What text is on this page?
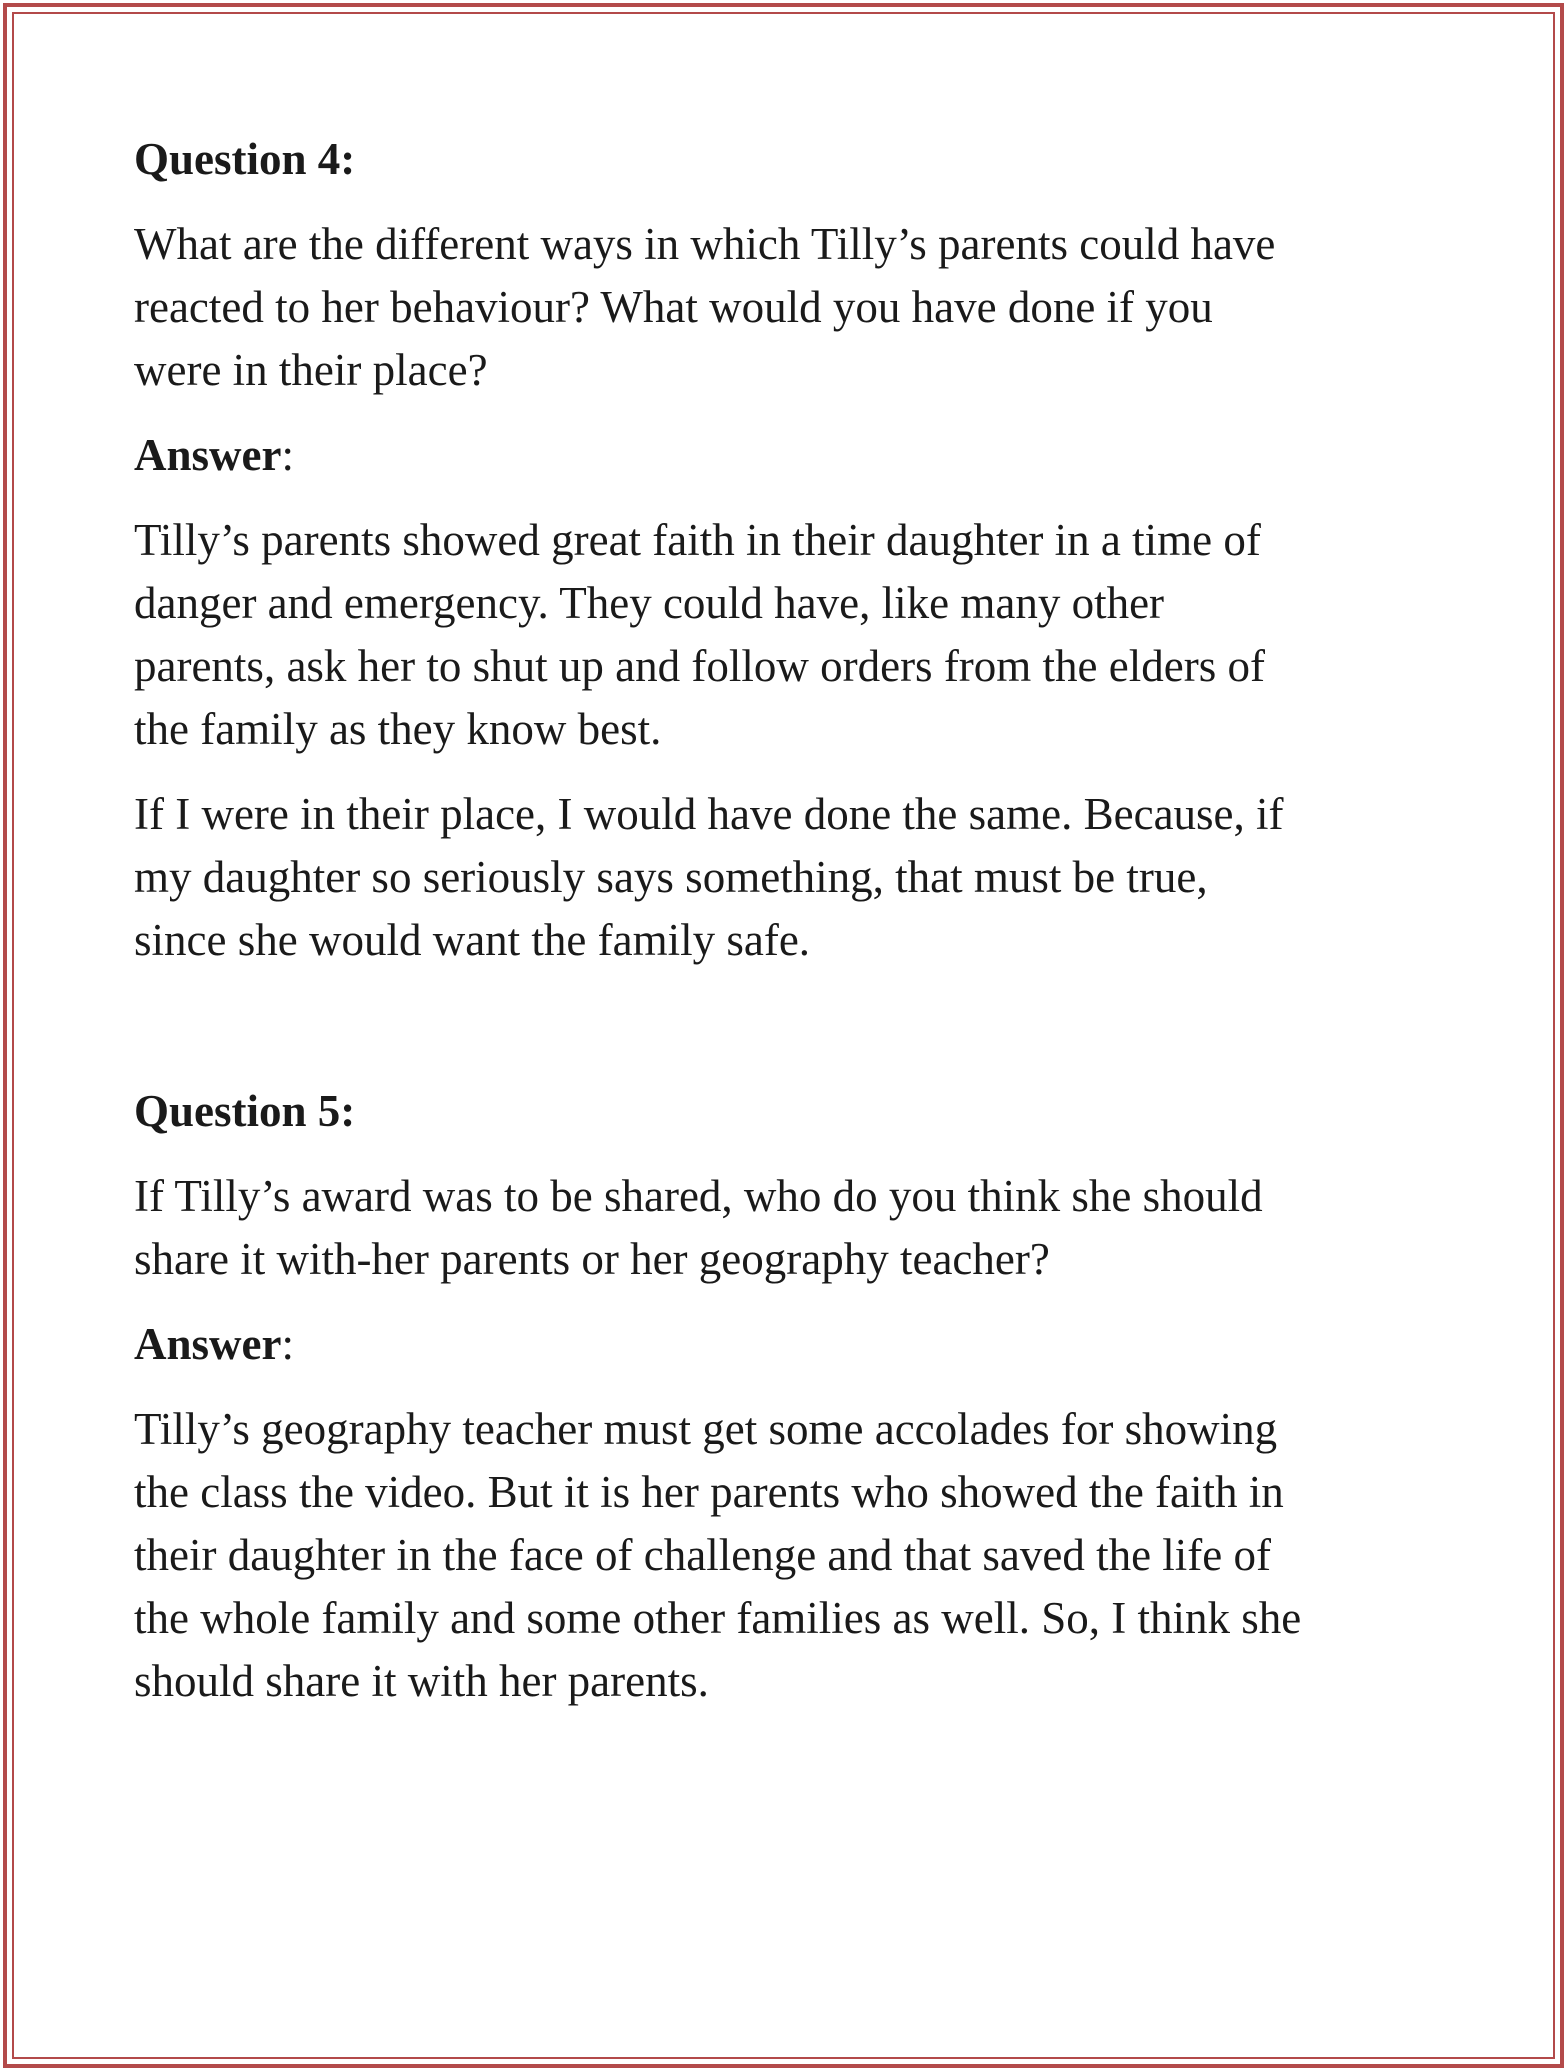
Question 4:

What are the different ways in which Tilly’s parents could have
reacted to her behaviour? What would you have done if you
were in their place?

Answer:

Tilly’s parents showed great faith in their daughter in a time of
danger and emergency. They could have, like many other
parents, ask her to shut up and follow orders from the elders of
the family as they know best.

If I were in their place, I would have done the same. Because, if
my daughter so seriously says something, that must be true,
since she would want the family safe.

Question 5:

If Tilly’s award was to be shared, who do you think she should
share it with-her parents or her geography teacher?

Answer:

Tilly’s geography teacher must get some accolades for showing
the class the video. But it is her parents who showed the faith in
their daughter in the face of challenge and that saved the life of
the whole family and some other families as well. So, I think she
should share it with her parents.
